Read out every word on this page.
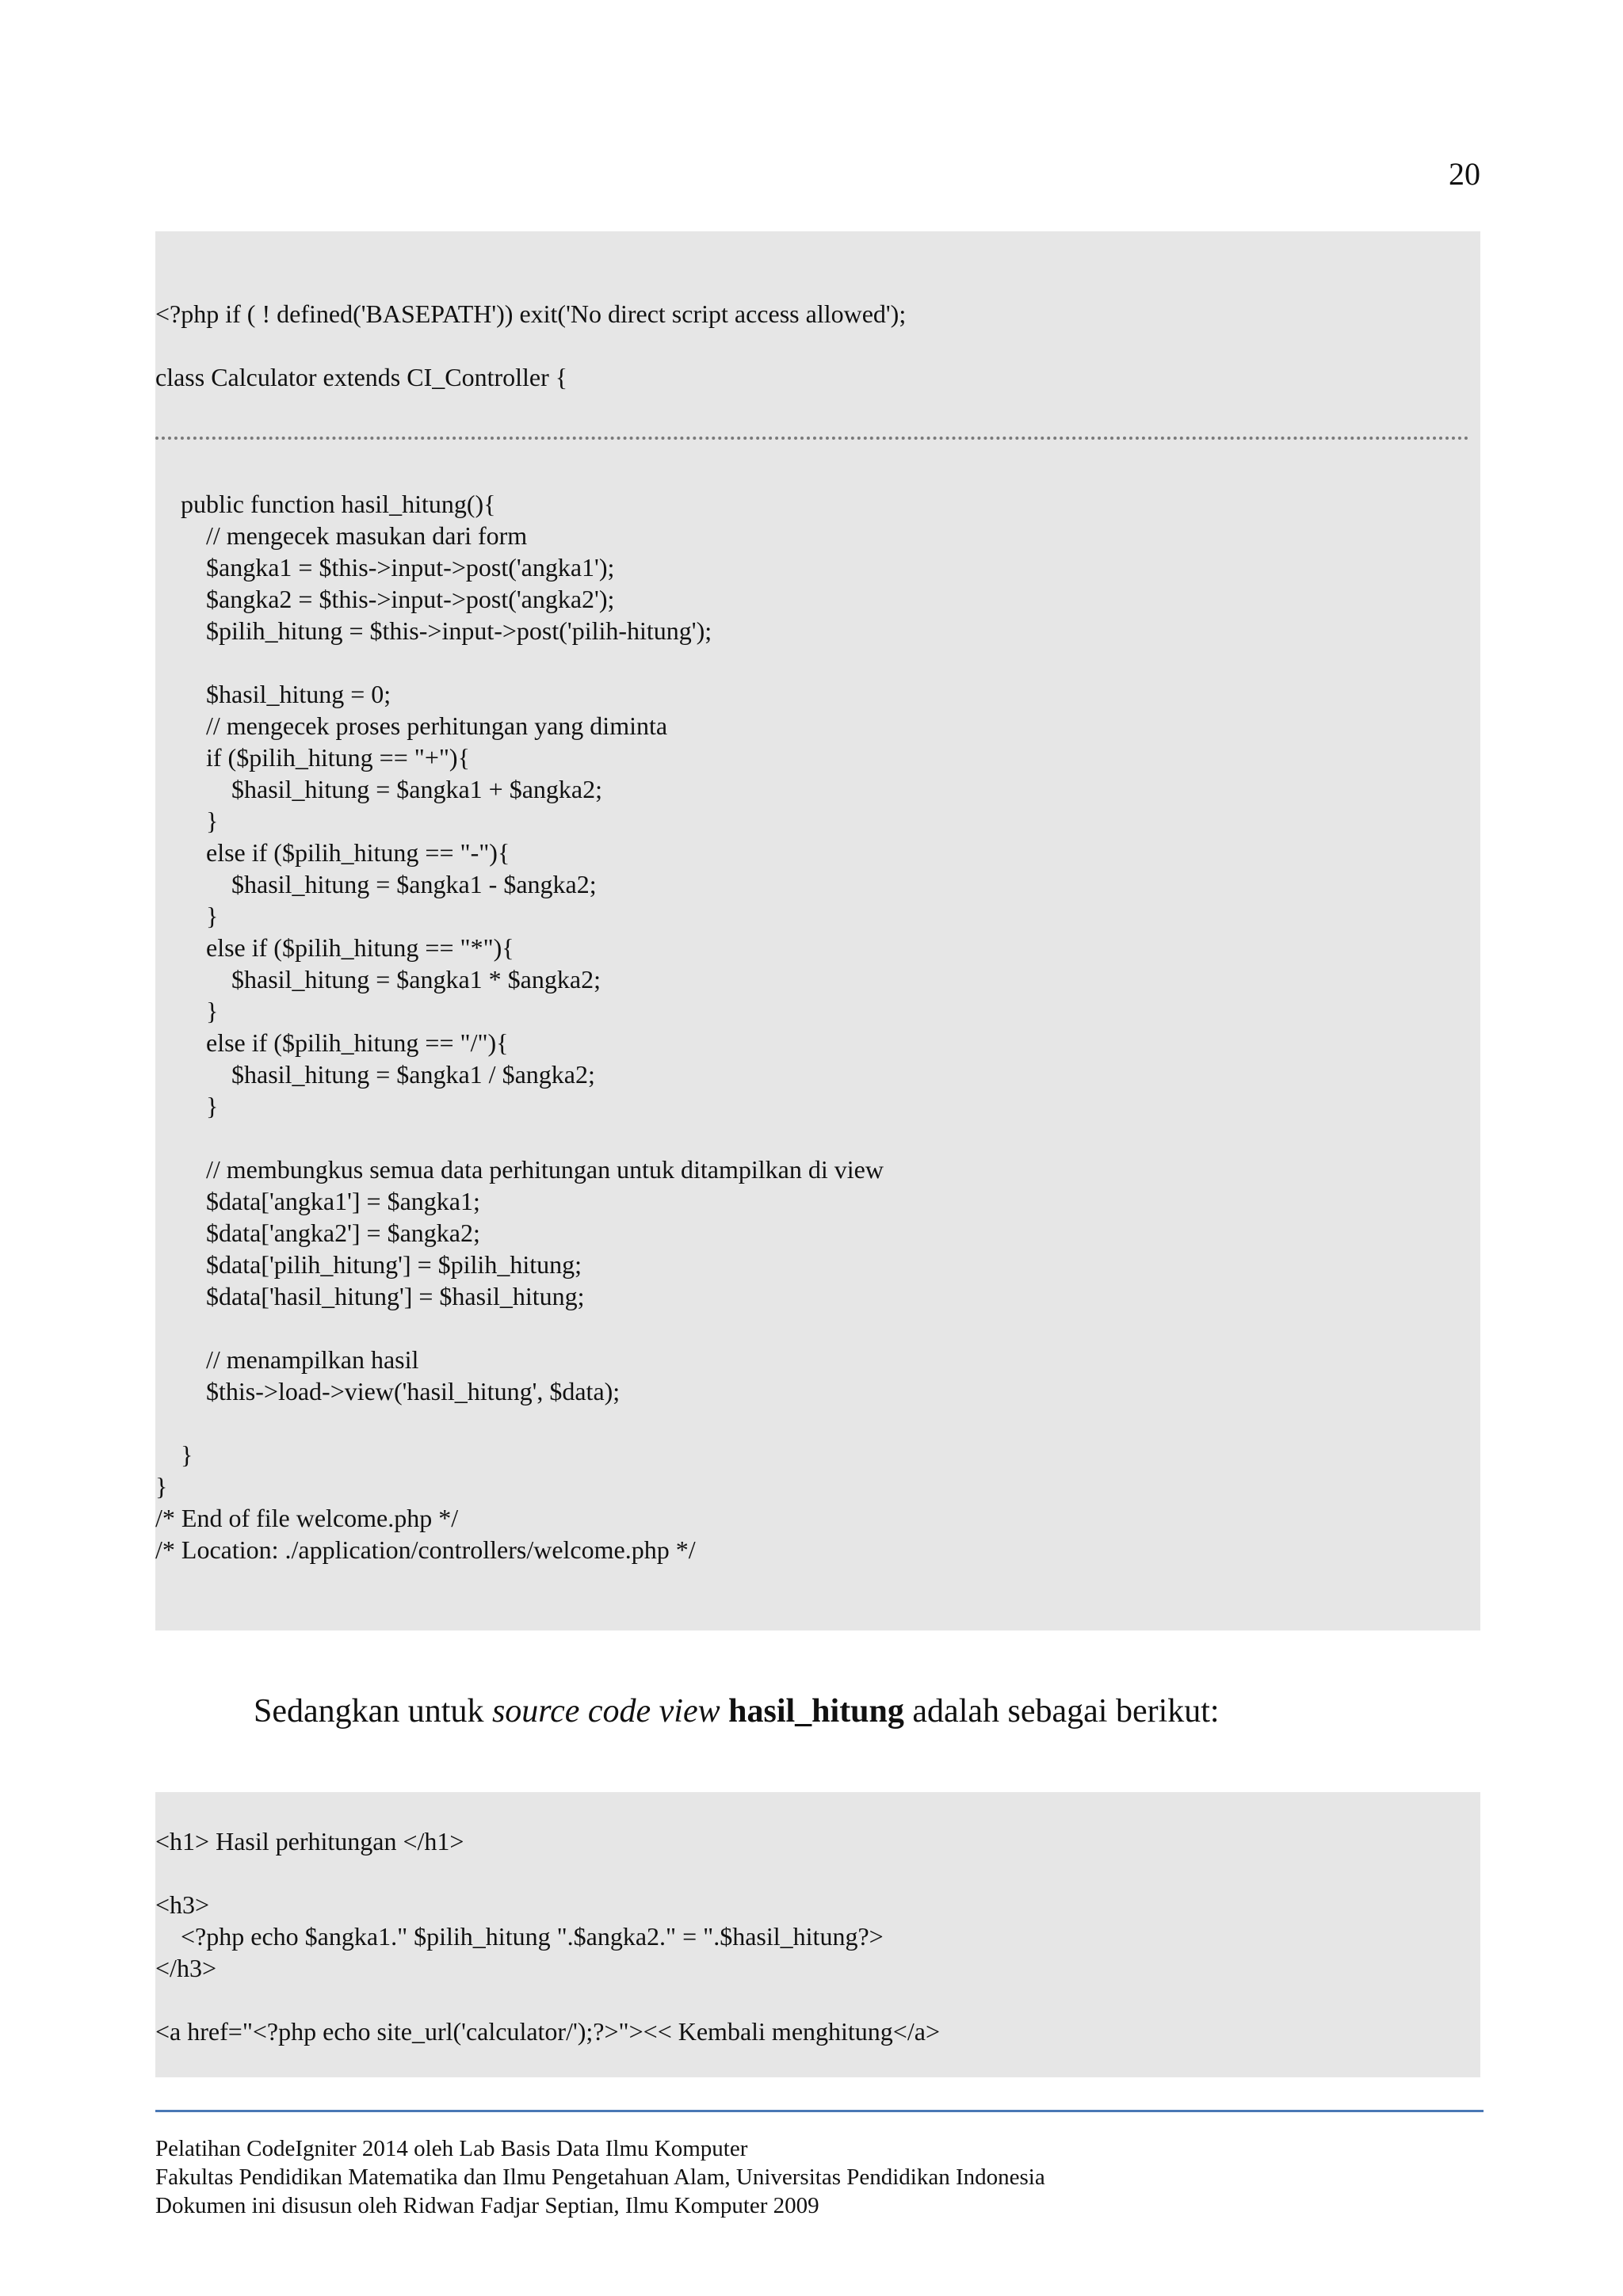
20
<?php if ( ! defined('BASEPATH')) exit('No direct script access allowed');
class Calculator extends CI_Controller {
public function hasil_hitung(){
// mengecek masukan dari form
$angka1 = $this->input->post('angka1');
$angka2 = $this->input->post('angka2');
$pilih_hitung = $this->input->post('pilih-hitung');
$hasil_hitung = 0;
// mengecek proses perhitungan yang diminta
if ($pilih_hitung == "+"){
$hasil_hitung = $angka1 + $angka2;
}
else if ($pilih_hitung == "-"){
$hasil_hitung = $angka1 - $angka2;
}
else if ($pilih_hitung == "*"){
$hasil_hitung = $angka1 * $angka2;
}
else if ($pilih_hitung == "/"){
$hasil_hitung = $angka1 / $angka2;
}
// membungkus semua data perhitungan untuk ditampilkan di view
$data['angka1'] = $angka1;
$data['angka2'] = $angka2;
$data['pilih_hitung'] = $pilih_hitung;
$data['hasil_hitung'] = $hasil_hitung;
// menampilkan hasil
$this->load->view('hasil_hitung', $data);
}
}
/* End of file welcome.php */
/* Location: ./application/controllers/welcome.php */
Sedangkan untuk source code view hasil_hitung adalah sebagai berikut:
<h1> Hasil perhitungan </h1>
<h3>
<?php echo $angka1." $pilih_hitung ".$angka2." = ".$hasil_hitung?>
</h3>
<a href="<?php echo site_url('calculator/');?>"><< Kembali menghitung</a>
Pelatihan CodeIgniter 2014 oleh Lab Basis Data Ilmu Komputer
Fakultas Pendidikan Matematika dan Ilmu Pengetahuan Alam, Universitas Pendidikan Indonesia
Dokumen ini disusun oleh Ridwan Fadjar Septian, Ilmu Komputer 2009
